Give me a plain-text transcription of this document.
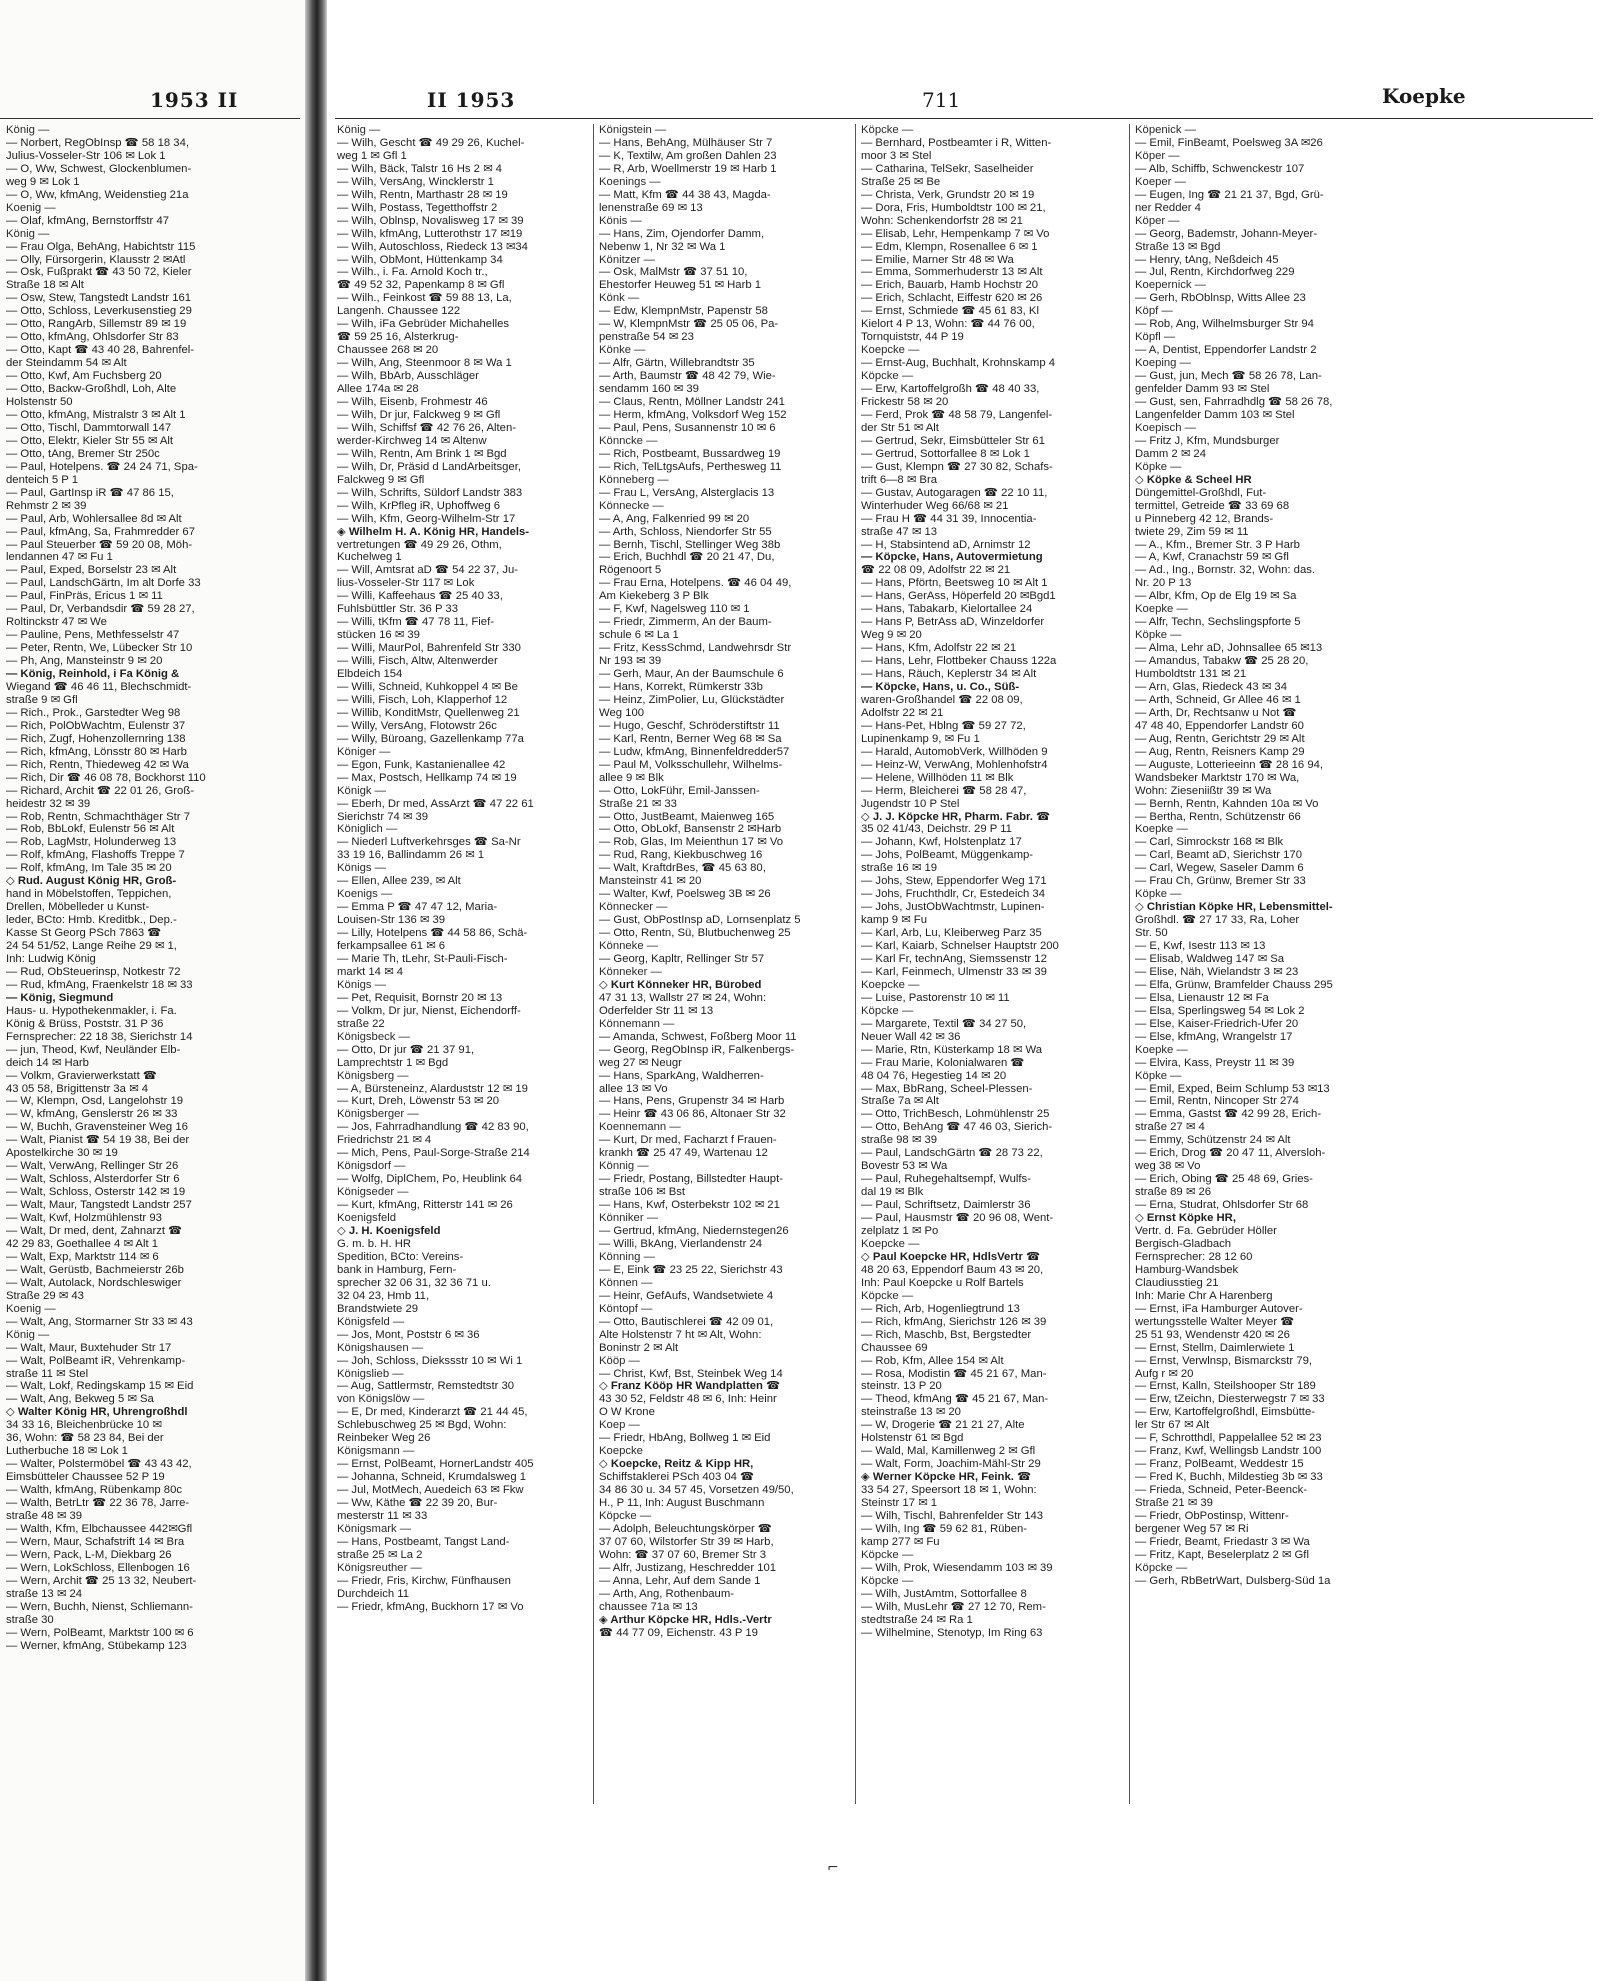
1953 II
König —
— Norbert, RegObInsp ☎ 58 18 34,
Julius-Vosseler-Str 106 ✉ Lok 1
— O, Ww, Schwest, Glockenblumen-
weg 9 ✉ Lok 1
— O, Ww, kfmAng, Weidenstieg 21a
Koenig —
— Olaf, kfmAng, Bernstorffstr 47
König —
— Frau Olga, BehAng, Habichtstr 115
— Olly, Fürsorgerin, Klausstr 2 ✉Atl
— Osk, Fußprakt ☎ 43 50 72, Kieler
Straße 18 ✉ Alt
— Osw, Stew, Tangstedt Landstr 161
— Otto, Schloss, Leverkusenstieg 29
— Otto, RangArb, Sillemstr 89 ✉ 19
— Otto, kfmAng, Ohlsdorfer Str 83
— Otto, Kapt ☎ 43 40 28, Bahrenfel-
der Steindamm 54 ✉ Alt
— Otto, Kwf, Am Fuchsberg 20
— Otto, Backw-Großhdl, Loh, Alte
Holstenstr 50
— Otto, kfmAng, Mistralstr 3 ✉ Alt 1
— Otto, Tischl, Dammtorwall 147
— Otto, Elektr, Kieler Str 55 ✉ Alt
— Otto, tAng, Bremer Str 250c
— Paul, Hotelpens. ☎ 24 24 71, Spa-
denteich 5 P 1
— Paul, GartInsp iR ☎ 47 86 15,
Rehmstr 2 ✉ 39
— Paul, Arb, Wohlersallee 8d ✉ Alt
— Paul, kfmAng, Sa, Frahmredder 67
— Paul Steuerber ☎ 59 20 08, Möh-
lendannen 47 ✉ Fu 1
— Paul, Exped, Borselstr 23 ✉ Alt
— Paul, LandschGärtn, Im alt Dorfe 33
— Paul, FinPräs, Ericus 1 ✉ 11
— Paul, Dr, Verbandsdir ☎ 59 28 27,
Roltinckstr 47 ✉ We
— Pauline, Pens, Methfesselstr 47
— Peter, Rentn, We, Lübecker Str 10
— Ph, Ang, Mansteinstr 9 ✉ 20
— König, Reinhold, i Fa König &
Wiegand ☎ 46 46 11, Blechschmidt-
straße 9 ✉ Gfl
— Rich., Prok., Garstedter Weg 98
— Rich, PolObWachtm, Eulenstr 37
— Rich, Zugf, Hohenzollernring 138
— Rich, kfmAng, Lönsstr 80 ✉ Harb
— Rich, Rentn, Thiedeweg 42 ✉ Wa
— Rich, Dir ☎ 46 08 78, Bockhorst 110
— Richard, Archit ☎ 22 01 26, Groß-
heidestr 32 ✉ 39
— Rob, Rentn, Schmachthäger Str 7
— Rob, BbLokf, Eulenstr 56 ✉ Alt
— Rob, LagMstr, Holunderweg 13
— Rolf, kfmAng, Flashoffs Treppe 7
— Rolf, kfmAng, Im Tale 35 ✉ 20
◇ Rud. August König HR, Groß-
hand in Möbelstoffen, Teppichen,
Drellen, Möbelleder u Kunst-
leder, BCto: Hmb. Kreditbk., Dep.-
Kasse St Georg PSch 7863 ☎
24 54 51/52, Lange Reihe 29 ✉ 1,
Inh: Ludwig König
— Rud, ObSteuerinsp, Notkestr 72
— Rud, kfmAng, Fraenkelstr 18 ✉ 33
— König, Siegmund
Haus- u. Hypothekenmakler, i. Fa.
König & Brüss, Poststr. 31 P 36
Fernsprecher: 22 18 38, Sierichstr 14
— jun, Theod, Kwf, Neuländer Elb-
deich 14 ✉ Harb
— Volkm, Gravierwerkstatt ☎
43 05 58, Brigittenstr 3a ✉ 4
— W, Klempn, Osd, Langelohstr 19
— W, kfmAng, Genslerstr 26 ✉ 33
— W, Buchh, Gravensteiner Weg 16
— Walt, Pianist ☎ 54 19 38, Bei der
Apostelkirche 30 ✉ 19
— Walt, VerwAng, Rellinger Str 26
— Walt, Schloss, Alsterdorfer Str 6
— Walt, Schloss, Osterstr 142 ✉ 19
— Walt, Maur, Tangstedt Landstr 257
— Walt, Kwf, Holzmühlenstr 93
— Walt, Dr med, dent, Zahnarzt ☎
42 29 83, Goethallee 4 ✉ Alt 1
— Walt, Exp, Marktstr 114 ✉ 6
— Walt, Gerüstb, Bachmeierstr 26b
— Walt, Autolack, Nordschleswiger
Straße 29 ✉ 43
Koenig —
— Walt, Ang, Stormarner Str 33 ✉ 43
König —
— Walt, Maur, Buxtehuder Str 17
— Walt, PolBeamt iR, Vehrenkamp-
straße 11 ✉ Stel
— Walt, Lokf, Redingskamp 15 ✉ Eid
— Walt, Ang, Bekweg 5 ✉ Sa
◇ Walter König HR, Uhrengroßhdl
34 33 16, Bleichenbrücke 10 ✉
36, Wohn: ☎ 58 23 84, Bei der
Lutherbuche 18 ✉ Lok 1
— Walter, Polstermöbel ☎ 43 43 42,
Eimsbütteler Chaussee 52 P 19
— Walth, kfmAng, Rübenkamp 80c
— Walth, BetrLtr ☎ 22 36 78, Jarre-
straße 48 ✉ 39
— Walth, Kfm, Elbchaussee 442✉Gfl
— Wern, Maur, Schafstrift 14 ✉ Bra
— Wern, Pack, L-M, Diekbarg 26
— Wern, LokSchloss, Ellenbogen 16
— Wern, Archit ☎ 25 13 32, Neubert-
straße 13 ✉ 24
— Wern, Buchh, Nienst, Schliemann-
straße 30
— Wern, PolBeamt, Marktstr 100 ✉ 6
— Werner, kfmAng, Stübekamp 123
II 1953	711	Koepke
König —
— Wilh, Gescht ☎ 49 29 26, Kuchel-
weg 1 ✉ Gfl 1
— Wilh, Bäck, Talstr 16 Hs 2 ✉ 4
— Wilh, VersAng, Wincklerstr 1
— Wilh, Rentn, Marthastr 28 ✉ 19
— Wilh, Postass, Tegetthoffstr 2
— Wilh, Oblnsp, Novalisweg 17 ✉ 39
— Wilh, kfmAng, Lutterothstr 17 ✉19
— Wilh, Autoschloss, Riedeck 13 ✉34
— Wilh, ObMont, Hüttenkamp 34
— Wilh., i. Fa. Arnold Koch tr.,
☎ 49 52 32, Papenkamp 8 ✉ Gfl
— Wilh., Feinkost ☎ 59 88 13, La,
Langenh. Chaussee 122
— Wilh, iFa Gebrüder Michahelles
☎ 59 25 16, Alsterkrug-
Chaussee 268 ✉ 20
— Wilh, Ang, Steenmoor 8 ✉ Wa 1
— Wilh, BbArb, Ausschläger
Allee 174a ✉ 28
— Wilh, Eisenb, Frohmestr 46
— Wilh, Dr jur, Falckweg 9 ✉ Gfl
— Wilh, Schiffsf ☎ 42 76 26, Alten-
werder-Kirchweg 14 ✉ Altenw
— Wilh, Rentn, Am Brink 1 ✉ Bgd
— Wilh, Dr, Präsid d LandArbeitsger,
Falckweg 9 ✉ Gfl
— Wilh, Schrifts, Süldorf Landstr 383
— Wilh, KrPfleg iR, Uphoffweg 6
— Wilh, Kfm, Georg-Wilhelm-Str 17
◈ Wilhelm H. A. König HR, Handels-
vertretungen ☎ 49 29 26, Othm,
Kuchelweg 1
— Will, Amtsrat aD ☎ 54 22 37, Ju-
lius-Vosseler-Str 117 ✉ Lok
— Willi, Kaffeehaus ☎ 25 40 33,
Fuhlsbüttler Str. 36 P 33
— Willi, tKfm ☎ 47 78 11, Fief-
stücken 16 ✉ 39
— Willi, MaurPol, Bahrenfeld Str 330
— Willi, Fisch, Altw, Altenwerder
Elbdeich 154
— Willi, Schneid, Kuhkoppel 4 ✉ Be
— Willi, Fisch, Loh, Klapperhof 12
— Willib, KonditMstr, Quellenweg 21
— Willy, VersAng, Flotowstr 26c
— Willy, Büroang, Gazellenkamp 77a
Königer —
— Egon, Funk, Kastanienallee 42
— Max, Postsch, Hellkamp 74 ✉ 19
Königk —
— Eberh, Dr med, AssArzt ☎ 47 22 61
Sierichstr 74 ✉ 39
Königlich —
— Niederl Luftverkehrsges ☎ Sa-Nr
33 19 16, Ballindamm 26 ✉ 1
Königs —
— Ellen, Allee 239, ✉ Alt
Koenigs —
— Emma P ☎ 47 47 12, Maria-
Louisen-Str 136 ✉ 39
— Lilly, Hotelpens ☎ 44 58 86, Schä-
ferkampsallee 61 ✉ 6
— Marie Th, tLehr, St-Pauli-Fisch-
markt 14 ✉ 4
Königs —
— Pet, Requisit, Bornstr 20 ✉ 13
— Volkm, Dr jur, Nienst, Eichendorff-
straße 22
Königsbeck —
— Otto, Dr jur ☎ 21 37 91,
Lamprechtstr 1 ✉ Bgd
Königsberg —
— A, Bürsteneinz, Alarduststr 12 ✉ 19
— Kurt, Dreh, Löwenstr 53 ✉ 20
Königsberger —
— Jos, Fahrradhandlung ☎ 42 83 90,
Friedrichstr 21 ✉ 4
— Mich, Pens, Paul-Sorge-Straße 214
Königsdorf —
— Wolfg, DiplChem, Po, Heublink 64
Königseder —
— Kurt, kfmAng, Ritterstr 141 ✉ 26
Koenigsfeld
◇ J. H. Koenigsfeld
G. m. b. H. HR
Spedition, BCto: Vereins-
bank in Hamburg, Fern-
sprecher 32 06 31, 32 36 71 u.
32 04 23, Hmb 11,
Brandstwiete 29
Königsfeld —
— Jos, Mont, Poststr 6 ✉ 36
Königshausen —
— Joh, Schloss, Diekssstr 10 ✉ Wi 1
Königslieb —
— Aug, Sattlermstr, Remstedtstr 30
von Königslöw —
— E, Dr med, Kinderarzt ☎ 21 44 45,
Schlebuschweg 25 ✉ Bgd, Wohn:
Reinbeker Weg 26
Königsmann —
— Ernst, PolBeamt, HornerLandstr 405
— Johanna, Schneid, Krumdalsweg 1
— Jul, MotMech, Auedeich 63 ✉ Fkw
— Ww, Käthe ☎ 22 39 20, Bur-
mesterstr 11 ✉ 33
Königsmark —
— Hans, Postbeamt, Tangst Land-
straße 25 ✉ La 2
Königsreuther —
— Friedr, Fris, Kirchw, Fünfhausen
Durchdeich 11
— Friedr, kfmAng, Buckhorn 17 ✉ Vo
Königstein —
— Hans, BehAng, Mülhäuser Str 7
— K, Textilw, Am großen Dahlen 23
— R, Arb, Woellmerstr 19 ✉ Harb 1
Koenings —
— Matt, Kfm ☎ 44 38 43, Magda-
lenenstraße 69 ✉ 13
Könis —
— Hans, Zim, Ojendorfer Damm,
Nebenw 1, Nr 32 ✉ Wa 1
Könitzer —
— Osk, MalMstr ☎ 37 51 10,
Ehestorfer Heuweg 51 ✉ Harb 1
Könk —
— Edw, KlempnMstr, Papenstr 58
— W, KlempnMstr ☎ 25 05 06, Pa-
penstraße 54 ✉ 23
Könke —
— Alfr, Gärtn, Willebrandtstr 35
— Arth, Baumstr ☎ 48 42 79, Wie-
sendamm 160 ✉ 39
— Claus, Rentn, Möllner Landstr 241
— Herm, kfmAng, Volksdorf Weg 152
— Paul, Pens, Susannenstr 10 ✉ 6
Könncke —
— Rich, Postbeamt, Bussardweg 19
— Rich, TelLtgsAufs, Perthesweg 11
Könneberg —
— Frau L, VersAng, Alsterglacis 13
Könnecke —
— A, Ang, Falkenried 99 ✉ 20
— Arth, Schloss, Niendorfer Str 55
— Bernh, Tischl, Stellinger Weg 38b
— Erich, Buchhdl ☎ 20 21 47, Du,
Rögenoort 5
— Frau Erna, Hotelpens. ☎ 46 04 49,
Am Kiekeberg 3 P Blk
— F, Kwf, Nagelsweg 110 ✉ 1
— Friedr, Zimmerm, An der Baum-
schule 6 ✉ La 1
— Fritz, KessSchmd, Landwehrsdr Str
Nr 193 ✉ 39
— Gerh, Maur, An der Baumschule 6
— Hans, Korrekt, Rümkerstr 33b
— Heinz, ZimPolier, Lu, Glückstädter
Weg 100
— Hugo, Geschf, Schröderstiftstr 11
— Karl, Rentn, Berner Weg 68 ✉ Sa
— Ludw, kfmAng, Binnenfeldredder57
— Paul M, Volksschullehr, Wilhelms-
allee 9 ✉ Blk
— Otto, LokFühr, Emil-Janssen-
Straße 21 ✉ 33
— Otto, JustBeamt, Maienweg 165
— Otto, ObLokf, Bansenstr 2 ✉Harb
— Rob, Glas, Im Meienthun 17 ✉ Vo
— Rud, Rang, Kiekbuschweg 16
— Walt, KraftdrBes, ☎ 45 63 80,
Mansteinstr 41 ✉ 20
— Walter, Kwf, Poelsweg 3B ✉ 26
Könnecker —
— Gust, ObPostInsp aD, Lornsenplatz 5
— Otto, Rentn, Sü, Blutbuchenweg 25
Könneke —
— Georg, Kapltr, Rellinger Str 57
Könneker —
◇ Kurt Könneker HR, Bürobed
47 31 13, Wallstr 27 ✉ 24, Wohn:
Oderfelder Str 11 ✉ 13
Könnemann —
— Amanda, Schwest, Foßberg Moor 11
— Georg, RegObInsp iR, Falkenbergs-
weg 27 ✉ Neugr
— Hans, SparkAng, Waldherren-
allee 13 ✉ Vo
— Hans, Pens, Grupenstr 34 ✉ Harb
— Heinr ☎ 43 06 86, Altonaer Str 32
Koennemann —
— Kurt, Dr med, Facharzt f Frauen-
krankh ☎ 25 47 49, Wartenau 12
Könnig —
— Friedr, Postang, Billstedter Haupt-
straße 106 ✉ Bst
— Hans, Kwf, Osterbekstr 102 ✉ 21
Könniker —
— Gertrud, kfmAng, Niedernstegen26
— Willi, BkAng, Vierlandenstr 24
Könning —
— E, Eink ☎ 23 25 22, Sierichstr 43
Können —
— Heinr, GefAufs, Wandsetwiete 4
Köntopf —
— Otto, Bautischlerei ☎ 42 09 01,
Alte Holstenstr 7 ht ✉ Alt, Wohn:
Boninstr 2 ✉ Alt
Kööp —
— Christ, Kwf, Bst, Steinbek Weg 14
◇ Franz Kööp HR Wandplatten ☎
43 30 52, Feldstr 48 ✉ 6, Inh: Heinr
O W Krone
Koep —
— Friedr, HbAng, Bollweg 1 ✉ Eid
Koepcke
◇ Koepcke, Reitz & Kipp HR,
Schiffstaklerei PSch 403 04 ☎
34 86 30 u. 34 57 45, Vorsetzen 49/50,
H., P 11, Inh: August Buschmann
Köpcke —
— Adolph, Beleuchtungskörper ☎
37 07 60, Wilstorfer Str 39 ✉ Harb,
Wohn: ☎ 37 07 60, Bremer Str 3
— Alfr, Justizang, Heschredder 101
— Anna, Lehr, Auf dem Sande 1
— Arth, Ang, Rothenbaum-
chaussee 71a ✉ 13
◈ Arthur Köpcke HR, Hdls.-Vertr
☎ 44 77 09, Eichenstr. 43 P 19
Köpcke —
— Bernhard, Postbeamter i R, Witten-
moor 3 ✉ Stel
— Catharina, TelSekr, Saselheider
Straße 25 ✉ Be
— Christa, Verk, Grundstr 20 ✉ 19
— Dora, Fris, Humboldtstr 100 ✉ 21,
Wohn: Schenkendorfstr 28 ✉ 21
— Elisab, Lehr, Hempenkamp 7 ✉ Vo
— Edm, Klempn, Rosenallee 6 ✉ 1
— Emilie, Marner Str 48 ✉ Wa
— Emma, Sommerhuderstr 13 ✉ Alt
— Erich, Bauarb, Hamb Hochstr 20
— Erich, Schlacht, Eiffestr 620 ✉ 26
— Ernst, Schmiede ☎ 45 61 83, Kl
Kielort 4 P 13, Wohn: ☎ 44 76 00,
Tornquiststr, 44 P 19
Koepcke —
— Ernst-Aug, Buchhalt, Krohnskamp 4
Köpcke —
— Erw, Kartoffelgroßh ☎ 48 40 33,
Frickestr 58 ✉ 20
— Ferd, Prok ☎ 48 58 79, Langenfel-
der Str 51 ✉ Alt
— Gertrud, Sekr, Eimsbütteler Str 61
— Gertrud, Sottorfallee 8 ✉ Lok 1
— Gust, Klempn ☎ 27 30 82, Schafs-
trift 6—8 ✉ Bra
— Gustav, Autogaragen ☎ 22 10 11,
Winterhuder Weg 66/68 ✉ 21
— Frau H ☎ 44 31 39, Innocentia-
straße 47 ✉ 13
— H, Stabsintend aD, Arnimstr 12
— Köpcke, Hans, Autovermietung
☎ 22 08 09, Adolfstr 22 ✉ 21
— Hans, Pförtn, Beetsweg 10 ✉ Alt 1
— Hans, GerAss, Höperfeld 20 ✉Bgd1
— Hans, Tabakarb, Kielortallee 24
— Hans P, BetrAss aD, Winzeldorfer
Weg 9 ✉ 20
— Hans, Kfm, Adolfstr 22 ✉ 21
— Hans, Lehr, Flottbeker Chauss 122a
— Hans, Räuch, Keplerstr 34 ✉ Alt
— Köpcke, Hans, u. Co., Süß-
waren-Großhandel ☎ 22 08 09,
Adolfstr 22 ✉ 21
— Hans-Pet, Hblng ☎ 59 27 72,
Lupinenkamp 9, ✉ Fu 1
— Harald, AutomobVerk, Willhöden 9
— Heinz-W, VerwAng, Mohlenhofstr4
— Helene, Willhöden 11 ✉ Blk
— Herm, Bleicherei ☎ 58 28 47,
Jugendstr 10 P Stel
◇ J. J. Köpcke HR, Pharm. Fabr. ☎
35 02 41/43, Deichstr. 29 P 11
— Johann, Kwf, Holstenplatz 17
— Johs, PolBeamt, Müggenkamp-
straße 16 ✉ 19
— Johs, Stew, Eppendorfer Weg 171
— Johs, Fruchthdlr, Cr, Estedeich 34
— Johs, JustObWachtmstr, Lupinen-
kamp 9 ✉ Fu
— Karl, Arb, Lu, Kleiberweg Parz 35
— Karl, Kaiarb, Schnelser Hauptstr 200
— Karl Fr, technAng, Siemssenstr 12
— Karl, Feinmech, Ulmenstr 33 ✉ 39
Koepcke —
— Luise, Pastorenstr 10 ✉ 11
Köpcke —
— Margarete, Textil ☎ 34 27 50,
Neuer Wall 42 ✉ 36
— Marie, Rtn, Küsterkamp 18 ✉ Wa
— Frau Marie, Kolonialwaren ☎
48 04 76, Hegestieg 14 ✉ 20
— Max, BbRang, Scheel-Plessen-
Straße 7a ✉ Alt
— Otto, TrichBesch, Lohmühlenstr 25
— Otto, BehAng ☎ 47 46 03, Sierich-
straße 98 ✉ 39
— Paul, LandschGärtn ☎ 28 73 22,
Bovestr 53 ✉ Wa
— Paul, Ruhegehaltsempf, Wulfs-
dal 19 ✉ Blk
— Paul, Schriftsetz, Daimlerstr 36
— Paul, Hausmstr ☎ 20 96 08, Went-
zelplatz 1 ✉ Po
Koepcke —
◇ Paul Koepcke HR, HdlsVertr ☎
48 20 63, Eppendorf Baum 43 ✉ 20,
Inh: Paul Koepcke u Rolf Bartels
Köpcke —
— Rich, Arb, Hogenliegtrund 13
— Rich, kfmAng, Sierichstr 126 ✉ 39
— Rich, Maschb, Bst, Bergstedter
Chaussee 69
— Rob, Kfm, Allee 154 ✉ Alt
— Rosa, Modistin ☎ 45 21 67, Man-
steinstr. 13 P 20
— Theod, kfmAng ☎ 45 21 67, Man-
steinstraße 13 ✉ 20
— W, Drogerie ☎ 21 21 27, Alte
Holstenstr 61 ✉ Bgd
— Wald, Mal, Kamillenweg 2 ✉ Gfl
— Walt, Form, Joachim-Mähl-Str 29
◈ Werner Köpcke HR, Feink. ☎
33 54 27, Speersort 18 ✉ 1, Wohn:
Steinstr 17 ✉ 1
— Wilh, Tischl, Bahrenfelder Str 143
— Wilh, Ing ☎ 59 62 81, Rüben-
kamp 277 ✉ Fu
Köpcke —
— Wilh, Prok, Wiesendamm 103 ✉ 39
Köpcke —
— Wilh, JustAmtm, Sottorfallee 8
— Wilh, MusLehr ☎ 27 12 70, Rem-
stedtstraße 24 ✉ Ra 1
— Wilhelmine, Stenotyp, Im Ring 63
Köpenick —
— Emil, FinBeamt, Poelsweg 3A ✉26
Köper —
— Alb, Schiffb, Schwenckestr 107
Koeper —
— Eugen, Ing ☎ 21 21 37, Bgd, Grü-
ner Redder 4
Köper —
— Georg, Bademstr, Johann-Meyer-
Straße 13 ✉ Bgd
— Henry, tAng, Neßdeich 45
— Jul, Rentn, Kirchdorfweg 229
Koepernick —
— Gerh, RbOblnsp, Witts Allee 23
Köpf —
— Rob, Ang, Wilhelmsburger Str 94
Köpfl —
— A, Dentist, Eppendorfer Landstr 2
Koeping —
— Gust, jun, Mech ☎ 58 26 78, Lan-
genfelder Damm 93 ✉ Stel
— Gust, sen, Fahrradhdlg ☎ 58 26 78,
Langenfelder Damm 103 ✉ Stel
Koepisch —
— Fritz J, Kfm, Mundsburger
Damm 2 ✉ 24
Köpke —
◇ Köpke & Scheel HR
Düngemittel-Großhdl, Fut-
termittel, Getreide ☎ 33 69 68
u Pinneberg 42 12, Brands-
twiete 29, Zim 59 ✉ 11
— A., Kfm., Bremer Str. 3 P Harb
— A, Kwf, Cranachstr 59 ✉ Gfl
— Ad., Ing., Bornstr. 32, Wohn: das.
Nr. 20 P 13
— Albr, Kfm, Op de Elg 19 ✉ Sa
Koepke —
— Alfr, Techn, Sechslingspforte 5
Köpke —
— Alma, Lehr aD, Johnsallee 65 ✉13
— Amandus, Tabakw ☎ 25 28 20,
Humboldtstr 131 ✉ 21
— Arn, Glas, Riedeck 43 ✉ 34
— Arth, Schneid, Gr Allee 46 ✉ 1
— Arth, Dr, Rechtsanw u Not ☎
47 48 40, Eppendorfer Landstr 60
— Aug, Rentn, Gerichtstr 29 ✉ Alt
— Aug, Rentn, Reisners Kamp 29
— Auguste, Lotterieeinn ☎ 28 16 94,
Wandsbeker Marktstr 170 ✉ Wa,
Wohn: Zieseniißtr 39 ✉ Wa
— Bernh, Rentn, Kahnden 10a ✉ Vo
— Bertha, Rentn, Schützenstr 66
Koepke —
— Carl, Simrockstr 168 ✉ Blk
— Carl, Beamt aD, Sierichstr 170
— Carl, Wegew, Saseler Damm 6
— Frau Ch, Grünw, Bremer Str 33
Köpke —
◇ Christian Köpke HR, Lebensmittel-
Großhdl. ☎ 27 17 33, Ra, Loher
Str. 50
— E, Kwf, Isestr 113 ✉ 13
— Elisab, Waldweg 147 ✉ Sa
— Elise, Näh, Wielandstr 3 ✉ 23
— Elfa, Grünw, Bramfelder Chauss 295
— Elsa, Lienaustr 12 ✉ Fa
— Elsa, Sperlingsweg 54 ✉ Lok 2
— Else, Kaiser-Friedrich-Ufer 20
— Else, kfmAng, Wrangelstr 17
Koepke —
— Elvira, Kass, Preystr 11 ✉ 39
Köpke —
— Emil, Exped, Beim Schlump 53 ✉13
— Emil, Rentn, Nincoper Str 274
— Emma, Gastst ☎ 42 99 28, Erich-
straße 27 ✉ 4
— Emmy, Schützenstr 24 ✉ Alt
— Erich, Drog ☎ 20 47 11, Alversloh-
weg 38 ✉ Vo
— Erich, Obing ☎ 25 48 69, Gries-
straße 89 ✉ 26
— Erna, Studrat, Ohlsdorfer Str 68
◇ Ernst Köpke HR,
Vertr. d. Fa. Gebrüder Höller
Bergisch-Gladbach
Fernsprecher: 28 12 60
Hamburg-Wandsbek
Claudiusstieg 21
Inh: Marie Chr A Harenberg
— Ernst, iFa Hamburger Autover-
wertungsstelle Walter Meyer ☎
25 51 93, Wendenstr 420 ✉ 26
— Ernst, Stellm, Daimlerwiete 1
— Ernst, Verwlnsp, Bismarckstr 79,
Aufg r ✉ 20
— Ernst, Kalln, Steilshooper Str 189
— Erw, tZeichn, Diesterwegstr 7 ✉ 33
— Erw, Kartoffelgroßhdl, Eimsbütte-
ler Str 67 ✉ Alt
— F, Schrotthdl, Pappelallee 52 ✉ 23
— Franz, Kwf, Wellingsb Landstr 100
— Franz, PolBeamt, Weddestr 15
— Fred K, Buchh, Mildestieg 3b ✉ 33
— Frieda, Schneid, Peter-Beenck-
Straße 21 ✉ 39
— Friedr, ObPostinsp, Wittenr-
bergener Weg 57 ✉ Ri
— Friedr, Beamt, Friedastr 3 ✉ Wa
— Fritz, Kapt, Beselerplatz 2 ✉ Gfl
Köpcke —
— Gerh, RbBetrWart, Dulsberg-Süd 1a
⌐
